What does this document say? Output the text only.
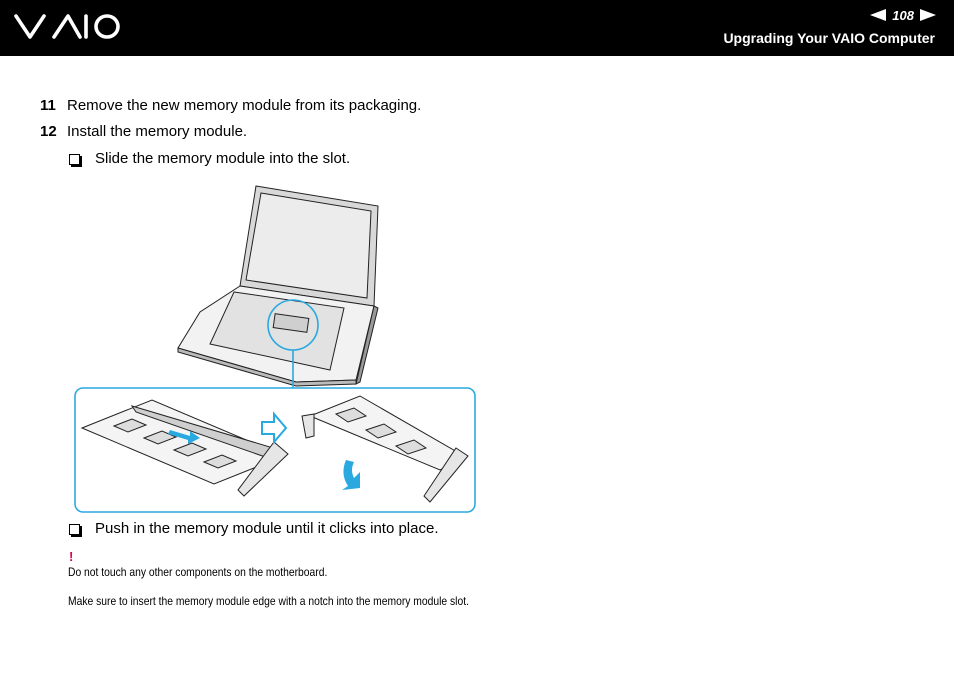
108
Upgrading Your VAIO Computer
11 Remove the new memory module from its packaging.
12 Install the memory module.
Slide the memory module into the slot.
Push in the memory module until it clicks into place.
!
Do not touch any other components on the motherboard.
Make sure to insert the memory module edge with a notch into the memory module slot.
